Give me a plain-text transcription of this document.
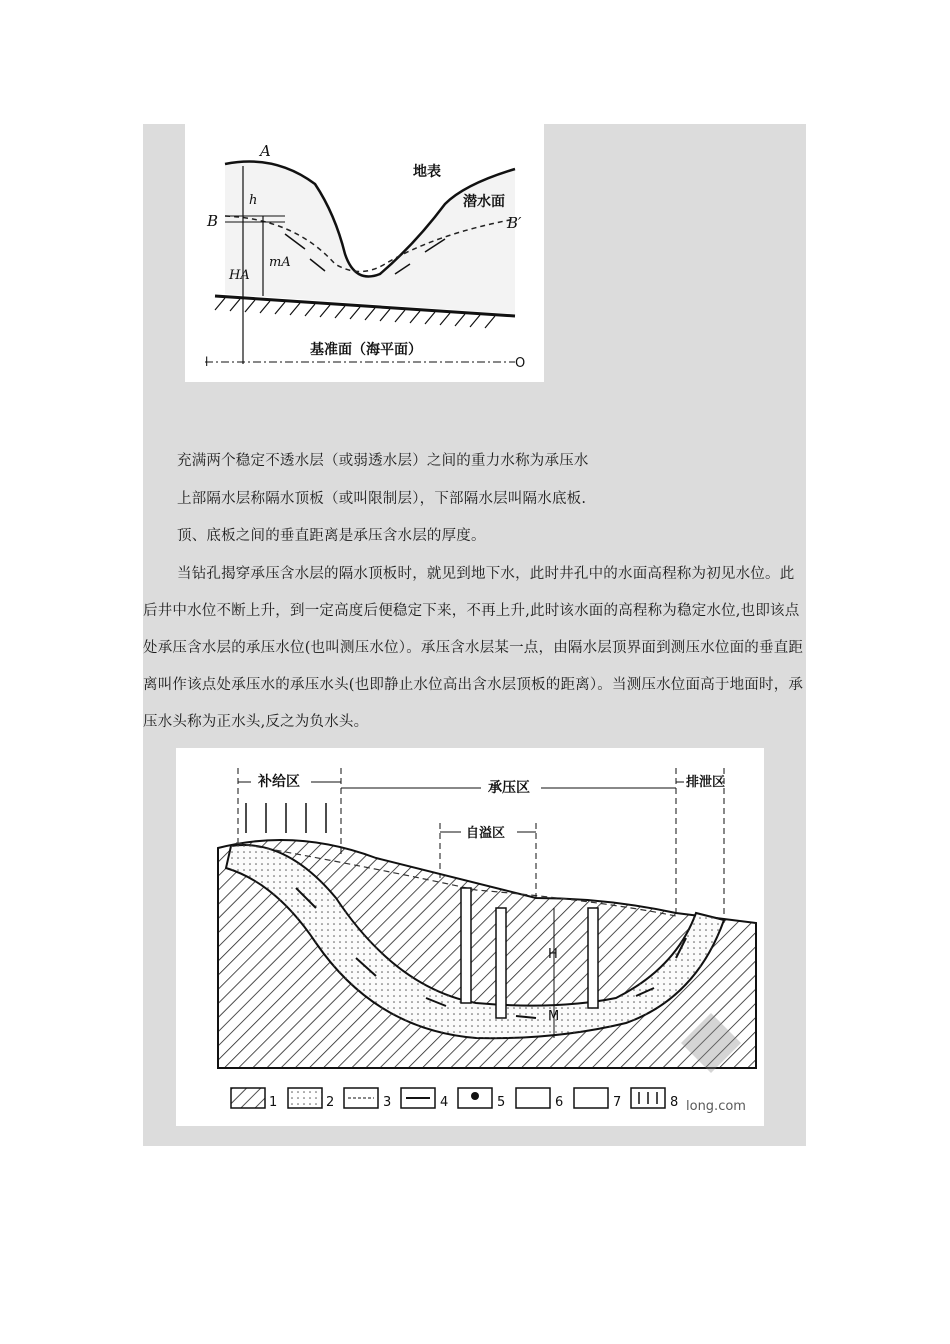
A
B	B′
h
mA
HA
地表
潜水面
基准面（海平面）
l	O

充满两个稳定不透水层（或弱透水层）之间的重力水称为承压水

上部隔水层称隔水顶板（或叫限制层），下部隔水层叫隔水底板.

顶、底板之间的垂直距离是承压含水层的厚度。

当钻孔揭穿承压含水层的隔水顶板时，就见到地下水，此时井孔中的水面高程称为初见水位。此后井中水位不断上升，到一定高度后便稳定下来，不再上升,此时该水面的高程称为稳定水位,也即该点处承压含水层的承压水位(也叫测压水位）。承压含水层某一点，由隔水层顶界面到测压水位面的垂直距离叫作该点处承压水的承压水头(也即静止水位高出含水层顶板的距离）。当测压水位面高于地面时，承压水头称为正水头,反之为负水头。

H
M
补给区	承压区	排泄区
自溢区
1	2	3	4	5	6	7	8 long.com
